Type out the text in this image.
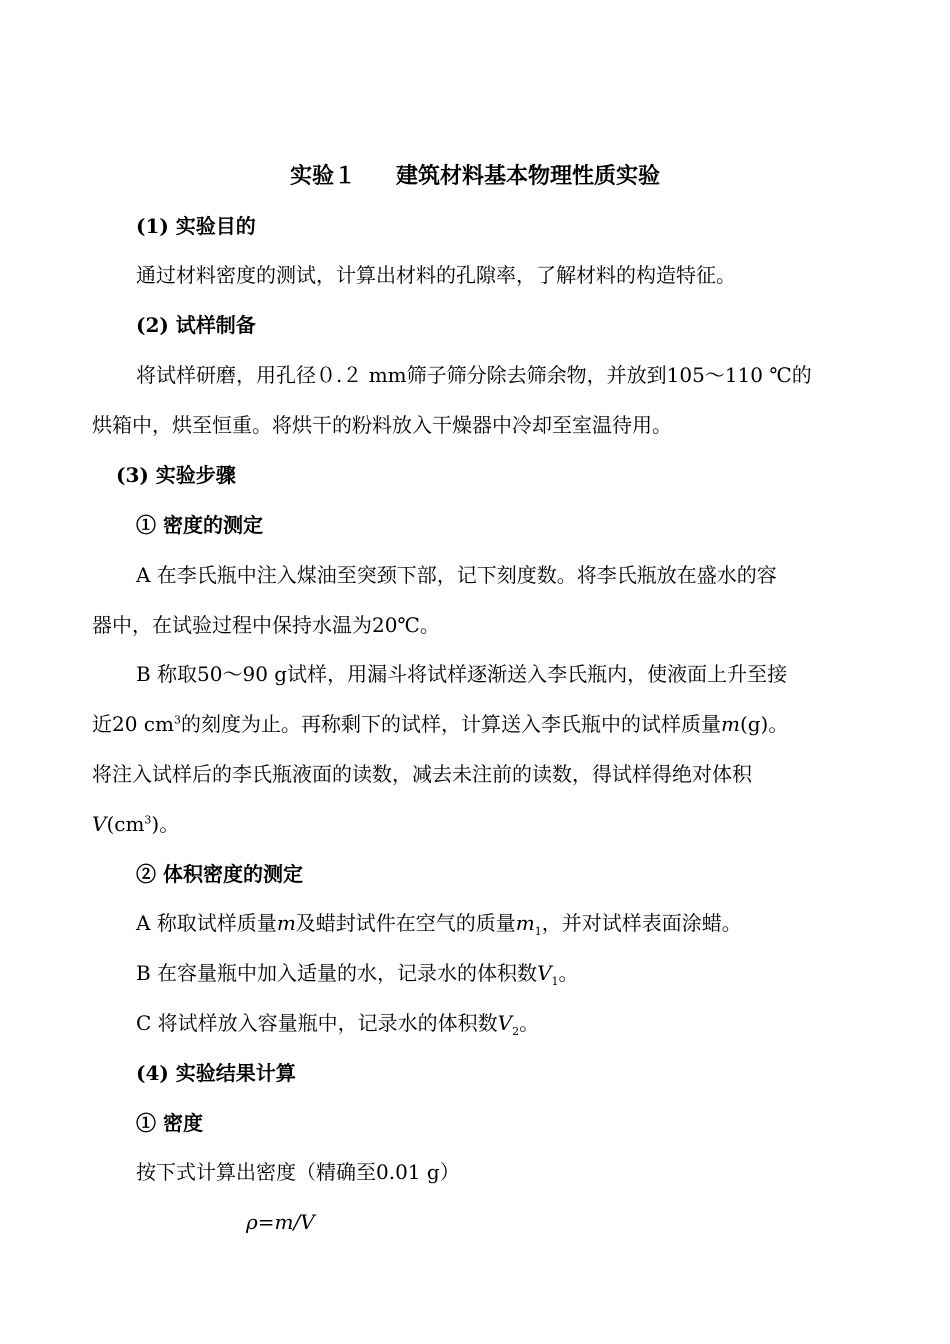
实验１ 建筑材料基本物理性质实验
(1) 实验目的
通过材料密度的测试，计算出材料的孔隙率，了解材料的构造特征。
(2) 试样制备
将试样研磨，用孔径０.２ mm筛子筛分除去筛余物，并放到105～110 ℃的
烘箱中，烘至恒重。将烘干的粉料放入干燥器中冷却至室温待用。
(3) 实验步骤
① 密度的测定
A 在李氏瓶中注入煤油至突颈下部，记下刻度数。将李氏瓶放在盛水的容
器中，在试验过程中保持水温为20℃。
B 称取50～90 g试样，用漏斗将试样逐渐送入李氏瓶内，使液面上升至接
近20 $cm^3$的刻度为止。再称剩下的试样，计算送入李氏瓶中的试样质量m(g)。
将注入试样后的李氏瓶液面的读数，减去未注前的读数，得试样得绝对体积
$V(cm^3)$。
② 体积密度的测定
A 称取试样质量m及蜡封试件在空气的质量$m_1$，并对试样表面涂蜡。
B 在容量瓶中加入适量的水，记录水的体积数$V_1$。
C 将试样放入容量瓶中，记录水的体积数$V_2$。
(4) 实验结果计算
① 密度
按下式计算出密度（精确至0.01 g）
ρ=m/V
